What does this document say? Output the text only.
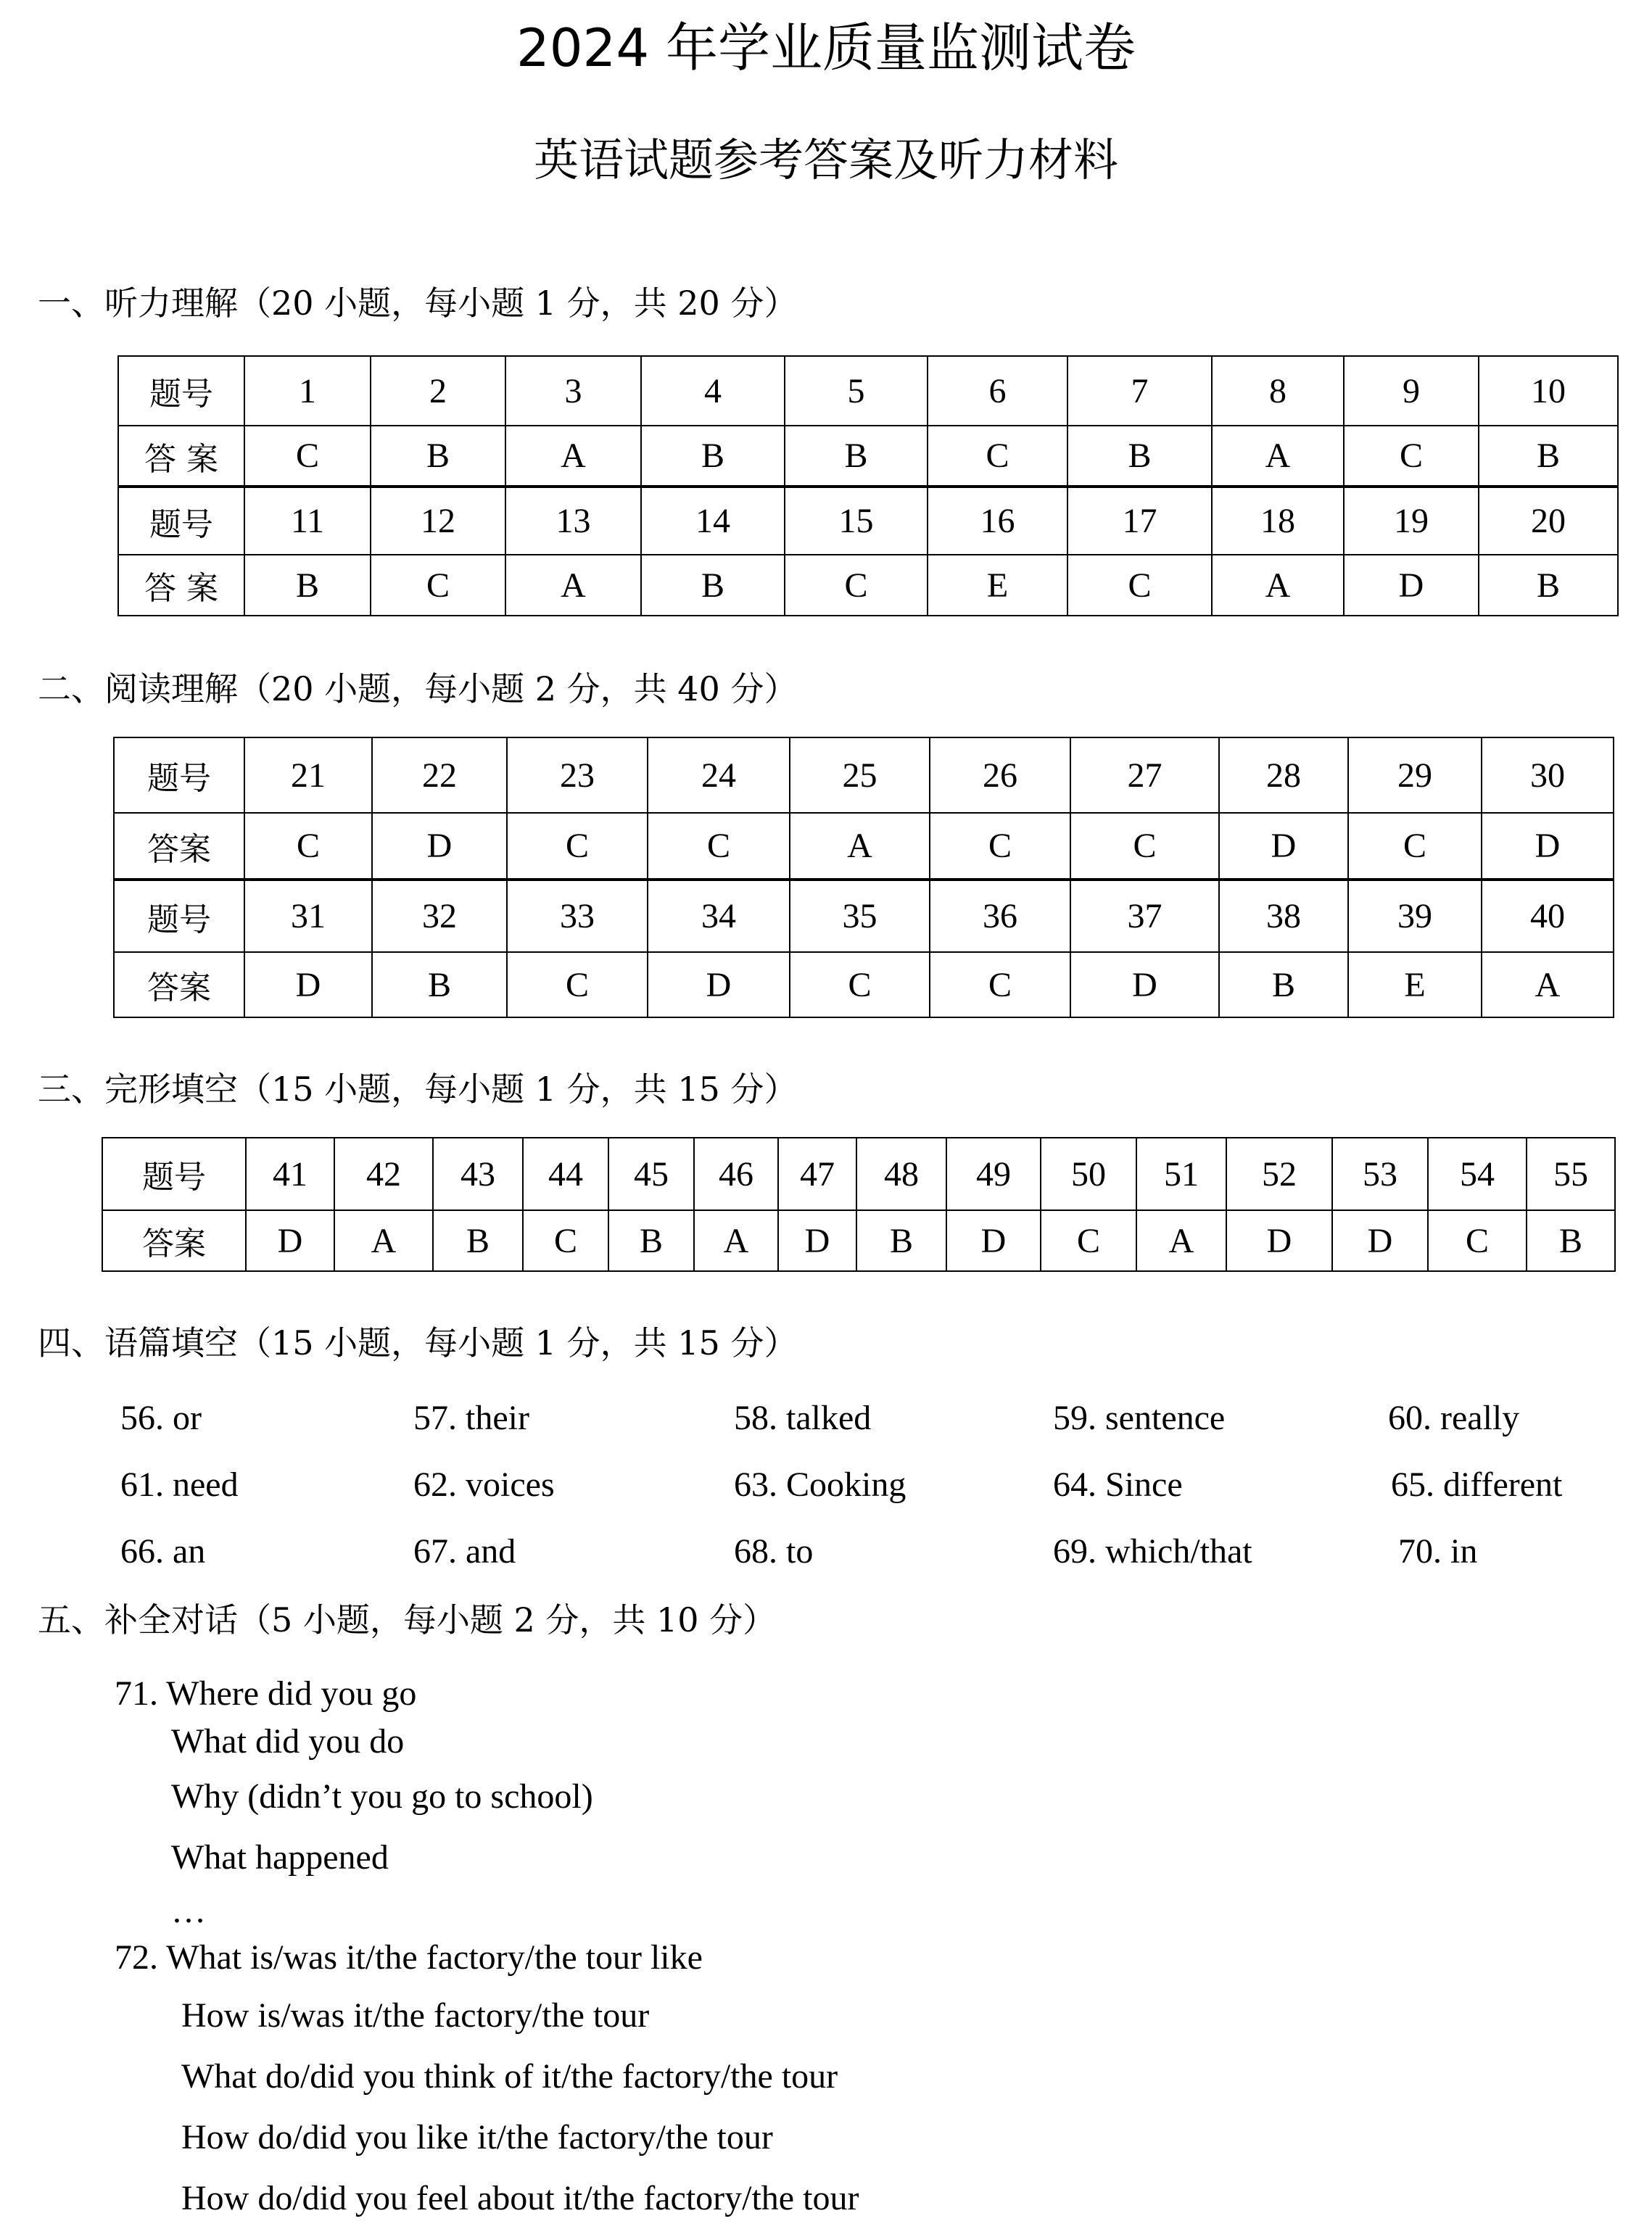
2024 年学业质量监测试卷
英语试题参考答案及听力材料
一、听力理解（20 小题，每小题 1 分，共 20 分）
题号	1	2	3	4	5	6	7	8	9	10
答 案	C	B	A	B	B	C	B	A	C	B
题号	11	12	13	14	15	16	17	18	19	20
答 案	B	C	A	B	C	E	C	A	D	B
二、阅读理解（20 小题，每小题 2 分，共 40 分）
题号	21	22	23	24	25	26	27	28	29	30
答案	C	D	C	C	A	C	C	D	C	D
题号	31	32	33	34	35	36	37	38	39	40
答案	D	B	C	D	C	C	D	B	E	A
三、完形填空（15 小题，每小题 1 分，共 15 分）
题号	41	42	43	44	45	46	47	48	49	50	51	52	53	54	55
答案	D	A	B	C	B	A	D	B	D	C	A	D	D	C	B
四、语篇填空（15 小题，每小题 1 分，共 15 分）
56. or	57. their	58. talked	59. sentence	60. really
61. need	62. voices	63. Cooking	64. Since	65. different
66. an	67. and	68. to	69. which/that	70. in
五、补全对话（5 小题，每小题 2 分，共 10 分）
71. Where did you go
What did you do
Why (didn’t you go to school)
What happened
…
72. What is/was it/the factory/the tour like
How is/was it/the factory/the tour
What do/did you think of it/the factory/the tour
How do/did you like it/the factory/the tour
How do/did you feel about it/the factory/the tour
